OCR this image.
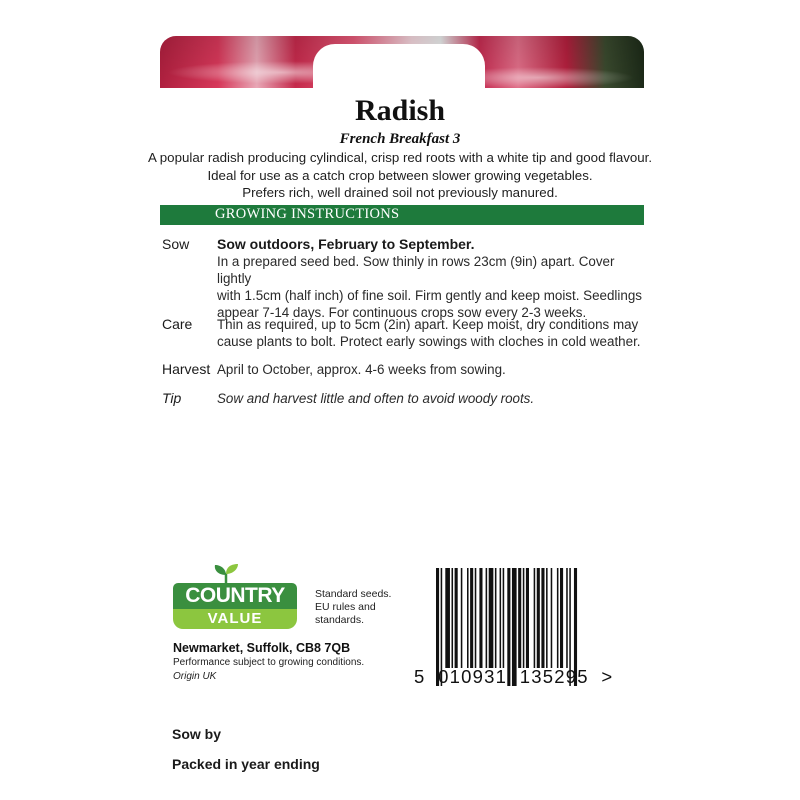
Radish
French Breakfast 3
A popular radish producing cylindical, crisp red roots with a white tip and good flavour.
Ideal for use as a catch crop between slower growing vegetables.
Prefers rich, well drained soil not previously manured.
GROWING INSTRUCTIONS
Sow Sow outdoors, February to September.
In a prepared seed bed. Sow thinly in rows 23cm (9in) apart. Cover lightly
with 1.5cm (half inch) of fine soil. Firm gently and keep moist. Seedlings
appear 7-14 days. For continuous crops sow every 2-3 weeks.
Care Thin as required, up to 5cm (2in) apart. Keep moist, dry conditions may
cause plants to bolt. Protect early sowings with cloches in cold weather.
Harvest April to October, approx. 4-6 weeks from sowing.
Tip	Sow and harvest little and often to avoid woody roots.
COUNTRY
VALUE
Standard seeds.
EU rules and
standards.
Newmarket, Suffolk, CB8 7QB
Performance subject to growing conditions.
Origin UK	5  010931  135295  >
Sow by
Packed in year ending
